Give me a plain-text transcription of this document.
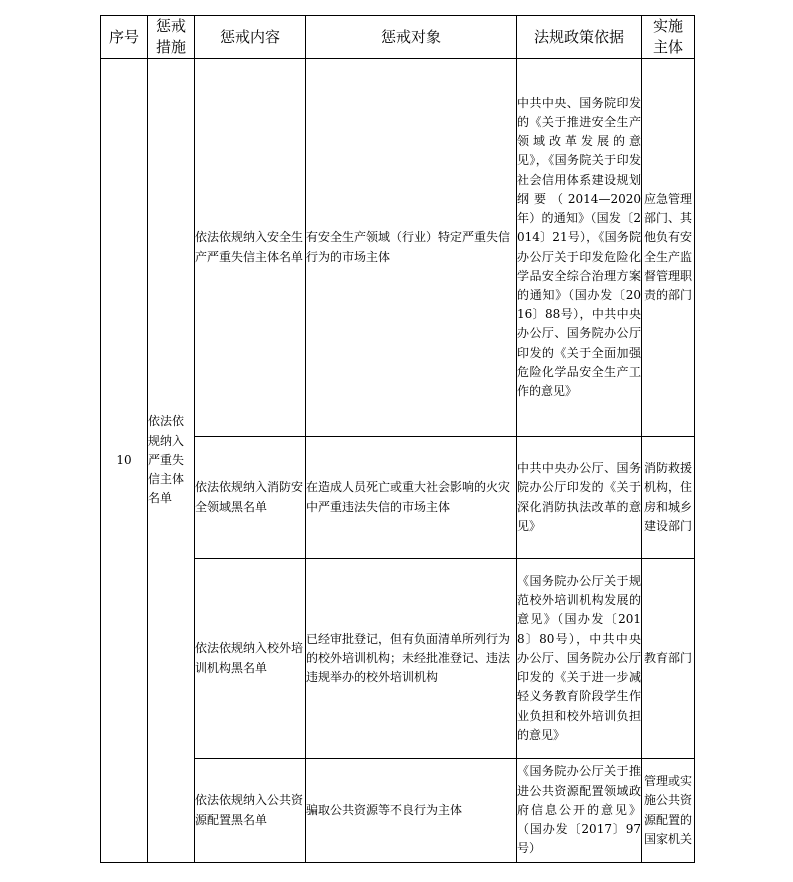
序号	惩戒措施	惩戒内容	惩戒对象	法规政策依据	实施主体
10	依法依规纳入严重失信主体名单	依法依规纳入安全生产严重失信主体名单	有安全生产领域（行业）特定严重失信行为的市场主体	中共中央、国务院印发的《关于推进安全生产领域改革发展的意见》，《国务院关于印发社会信用体系建设规划纲要（2014—2020年）的通知》（国发〔2014〕21号），《国务院办公厅关于印发危险化学品安全综合治理方案的通知》（国办发〔2016〕88号），中共中央办公厅、国务院办公厅印发的《关于全面加强危险化学品安全生产工作的意见》	应急管理部门、其他负有安全生产监督管理职责的部门
		依法依规纳入消防安全领域黑名单	在造成人员死亡或重大社会影响的火灾中严重违法失信的市场主体	中共中央办公厅、国务院办公厅印发的《关于深化消防执法改革的意见》	消防救援机构，住房和城乡建设部门
		依法依规纳入校外培训机构黑名单	已经审批登记，但有负面清单所列行为的校外培训机构；未经批准登记、违法违规举办的校外培训机构	《国务院办公厅关于规范校外培训机构发展的意见》（国办发〔2018〕80号），中共中央办公厅、国务院办公厅印发的《关于进一步减轻义务教育阶段学生作业负担和校外培训负担的意见》	教育部门
		依法依规纳入公共资源配置黑名单	骗取公共资源等不良行为主体	《国务院办公厅关于推进公共资源配置领域政府信息公开的意见》（国办发〔2017〕97号）	管理或实施公共资源配置的国家机关
